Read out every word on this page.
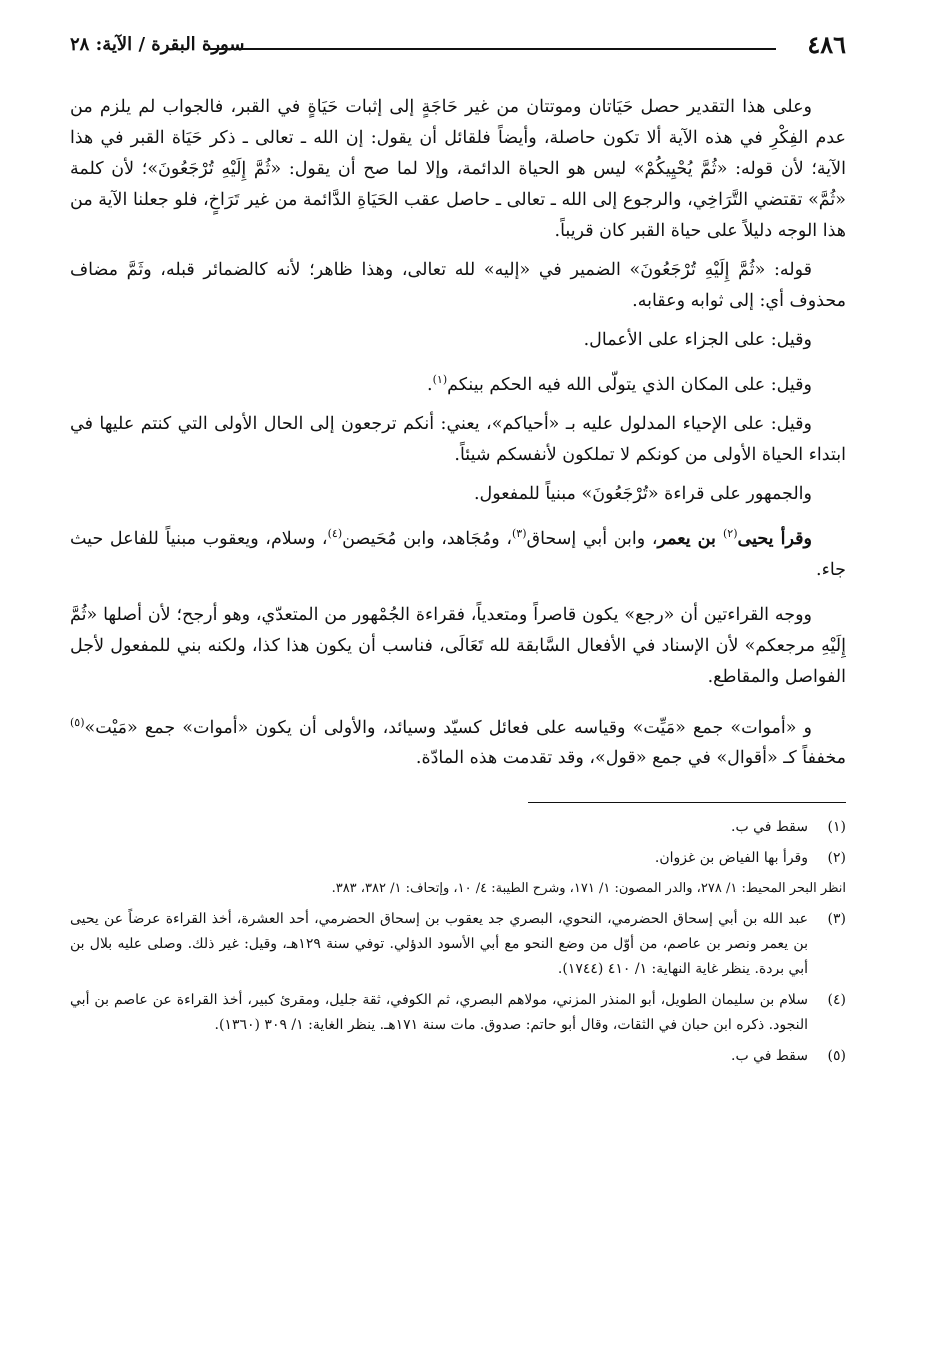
٤٨٦
سورة البقرة / الآية: ٢٨

وعلى هذا التقدير حصل حَيَاتان وموتتان من غير حَاجَةٍ إلى إثبات حَيَاةٍ في القبر، فالجواب لم يلزم من عدم الفِكْرِ في هذه الآية ألا تكون حاصلة، وأيضاً فلقائل أن يقول: إن الله ـ تعالى ـ ذكر حَيَاة القبر في هذا الآية؛ لأن قوله: «ثُمَّ يُحْيِيكُمْ» ليس هو الحياة الدائمة، وإلا لما صح أن يقول: «ثُمَّ إِلَيْهِ تُرْجَعُونَ»؛ لأن كلمة «ثُمَّ» تقتضي التَّرَاخِي، والرجوع إلى الله ـ تعالى ـ حاصل عقب الحَيَاةِ الدَّائمة من غير تَرَاخٍ، فلو جعلنا الآية من هذا الوجه دليلاً على حياة القبر كان قريباً.

قوله: «ثُمَّ إِلَيْهِ تُرْجَعُونَ» الضمير في «إليه» لله تعالى، وهذا ظاهر؛ لأنه كالضمائر قبله، وثَمَّ مضاف محذوف أي: إلى ثوابه وعقابه.

وقيل: على الجزاء على الأعمال.

وقيل: على المكان الذي يتولّى الله فيه الحكم بينكم$^{(١)}$.

وقيل: على الإحياء المدلول عليه بـ «أحياكم»، يعني: أنكم ترجعون إلى الحال الأولى التي كنتم عليها في ابتداء الحياة الأولى من كونكم لا تملكون لأنفسكم شيئاً.

والجمهور على قراءة «تُرْجَعُونَ» مبنياً للمفعول.

وقرأ يحيى$^{(٢)}$ بن يعمر، وابن أبي إسحاق$^{(٣)}$، ومُجَاهد، وابن مُحَيصن$^{(٤)}$، وسلام، ويعقوب مبنياً للفاعل حيث جاء.

ووجه القراءتين أن «رجع» يكون قاصراً ومتعدياً، فقراءة الجُمْهور من المتعدّي، وهو أرجح؛ لأن أصلها «ثُمَّ إِلَيْهِ مرجعكم» لأن الإسناد في الأفعال السَّابقة لله تَعَالَى، فناسب أن يكون هذا كذا، ولكنه بني للمفعول لأجل الفواصل والمقاطع.

و «أموات» جمع «مَيِّت» وقياسه على فعائل كسيّد وسيائد، والأولى أن يكون «أموات» جمع «مَيْت»$^{(٥)}$ مخففاً كـ «أقوال» في جمع «قول»، وقد تقدمت هذه المادّة.

(١)
سقط في ب.
(٢)
وقرأ بها الفياض بن غزوان.
انظر البحر المحيط: ١/ ٢٧٨، والدر المصون: ١/ ١٧١، وشرح الطيبة: ٤/ ١٠، وإتحاف: ١/ ٣٨٢، ٣٨٣.
(٣)
عبد الله بن أبي إسحاق الحضرمي، النحوي، البصري جد يعقوب بن إسحاق الحضرمي، أحد العشرة، أخذ القراءة عرضاً عن يحيى بن يعمر ونصر بن عاصم، من أوّل من وضع النحو مع أبي الأسود الدؤلي. توفي سنة ١٢٩هـ، وقيل: غير ذلك. وصلى عليه بلال بن أبي بردة. ينظر غاية النهاية: ١/ ٤١٠ (١٧٤٤).
(٤)
سلام بن سليمان الطويل، أبو المنذر المزني، مولاهم البصري، ثم الكوفي، ثقة جليل، ومقرئ كبير، أخذ القراءة عن عاصم بن أبي النجود. ذكره ابن حبان في الثقات، وقال أبو حاتم: صدوق. مات سنة ١٧١هـ. ينظر الغاية: ١/ ٣٠٩ (١٣٦٠).
(٥)
سقط في ب.
